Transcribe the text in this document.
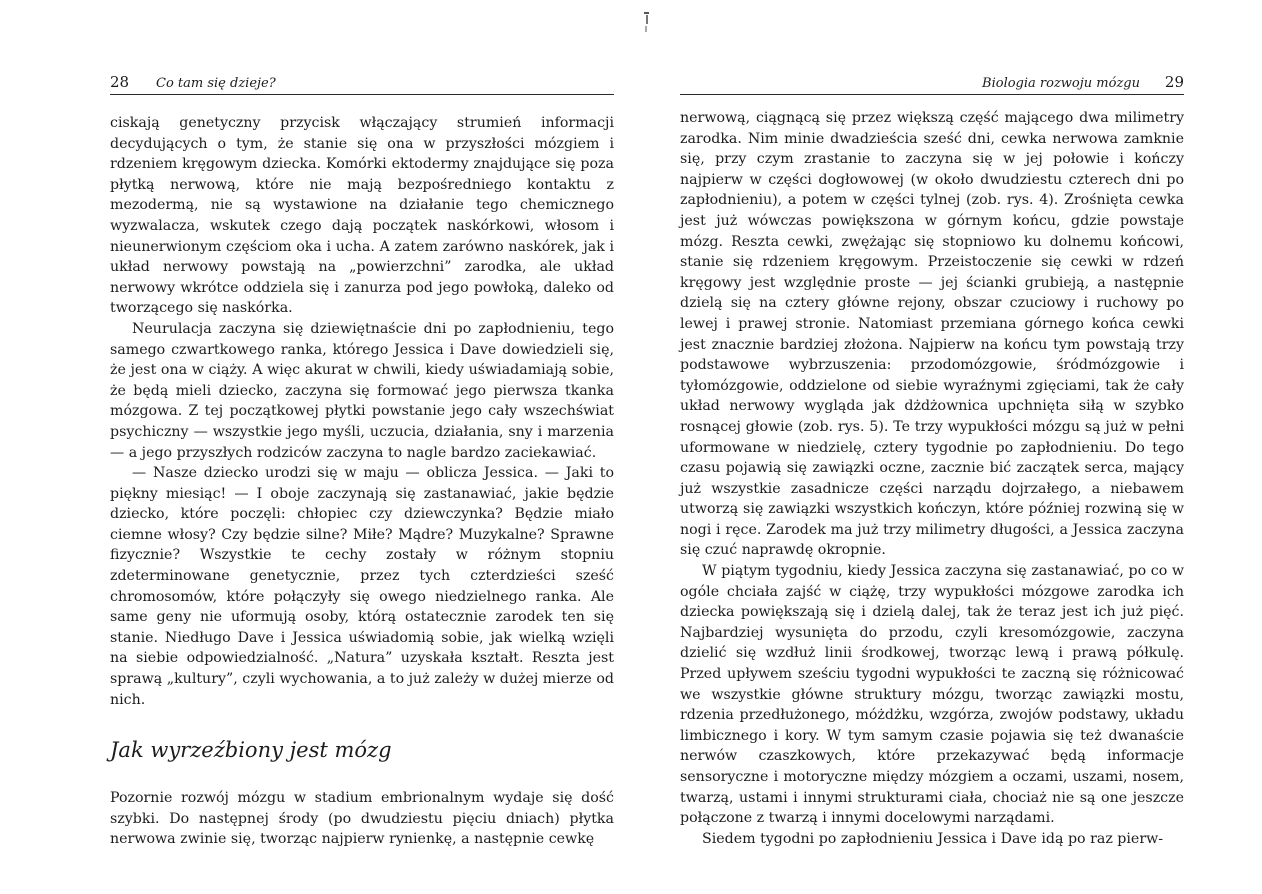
28 Co tam się dzieje?

ciskają genetyczny przycisk włączający strumień informacji decydujących o tym, że stanie się ona w przyszłości mózgiem i rdzeniem kręgowym dziecka. Komórki ektodermy znajdujące się poza płytką nerwową, które nie mają bezpośredniego kontaktu z mezodermą, nie są wystawione na działanie tego chemicznego wyzwalacza, wskutek czego dają początek naskórkowi, włosom i nieunerwionym częściom oka i ucha. A zatem zarówno naskórek, jak i układ nerwowy powstają na „powierzchni” zarodka, ale układ nerwowy wkrótce oddziela się i zanurza pod jego powłoką, daleko od tworzącego się naskórka.

Neurulacja zaczyna się dziewiętnaście dni po zapłodnieniu, tego samego czwartkowego ranka, którego Jessica i Dave dowiedzieli się, że jest ona w ciąży. A więc akurat w chwili, kiedy uświadamiają sobie, że będą mieli dziecko, zaczyna się formować jego pierwsza tkanka mózgowa. Z tej początkowej płytki powstanie jego cały wszechświat psychiczny — wszystkie jego myśli, uczucia, działania, sny i marzenia — a jego przyszłych rodziców zaczyna to nagle bardzo zaciekawiać.

— Nasze dziecko urodzi się w maju — oblicza Jessica. — Jaki to piękny miesiąc! — I oboje zaczynają się zastanawiać, jakie będzie dziecko, które poczęli: chłopiec czy dziewczynka? Będzie miało ciemne włosy? Czy będzie silne? Miłe? Mądre? Muzykalne? Sprawne fizycznie? Wszystkie te cechy zostały w różnym stopniu zdeterminowane genetycznie, przez tych czterdzieści sześć chromosomów, które połączyły się owego niedzielnego ranka. Ale same geny nie uformują osoby, którą ostatecznie zarodek ten się stanie. Niedługo Dave i Jessica uświadomią sobie, jak wielką wzięli na siebie odpowiedzialność. „Natura” uzyskała kształt. Reszta jest sprawą „kultury”, czyli wychowania, a to już zależy w dużej mierze od nich.

Jak wyrzeźbiony jest mózg

Pozornie rozwój mózgu w stadium embrionalnym wydaje się dość szybki. Do następnej środy (po dwudziestu pięciu dniach) płytka nerwowa zwinie się, tworząc najpierw rynienkę, a następnie cewkę

Biologia rozwoju mózgu 29

nerwową, ciągnącą się przez większą część mającego dwa milimetry zarodka. Nim minie dwadzieścia sześć dni, cewka nerwowa zamknie się, przy czym zrastanie to zaczyna się w jej połowie i kończy najpierw w części dogłowowej (w około dwudziestu czterech dni po zapłodnieniu), a potem w części tylnej (zob. rys. 4). Zrośnięta cewka jest już wówczas powiększona w górnym końcu, gdzie powstaje mózg. Reszta cewki, zwężając się stopniowo ku dolnemu końcowi, stanie się rdzeniem kręgowym. Przeistoczenie się cewki w rdzeń kręgowy jest względnie proste — jej ścianki grubieją, a następnie dzielą się na cztery główne rejony, obszar czuciowy i ruchowy po lewej i prawej stronie. Natomiast przemiana górnego końca cewki jest znacznie bardziej złożona. Najpierw na końcu tym powstają trzy podstawowe wybrzuszenia: przodomózgowie, śródmózgowie i tyłomózgowie, oddzielone od siebie wyraźnymi zgięciami, tak że cały układ nerwowy wygląda jak dżdżownica upchnięta siłą w szybko rosnącej głowie (zob. rys. 5). Te trzy wypukłości mózgu są już w pełni uformowane w niedzielę, cztery tygodnie po zapłodnieniu. Do tego czasu pojawią się zawiązki oczne, zacznie bić zaczątek serca, mający już wszystkie zasadnicze części narządu dojrzałego, a niebawem utworzą się zawiązki wszystkich kończyn, które później rozwiną się w nogi i ręce. Zarodek ma już trzy milimetry długości, a Jessica zaczyna się czuć naprawdę okropnie.

W piątym tygodniu, kiedy Jessica zaczyna się zastanawiać, po co w ogóle chciała zajść w ciążę, trzy wypukłości mózgowe zarodka ich dziecka powiększają się i dzielą dalej, tak że teraz jest ich już pięć. Najbardziej wysunięta do przodu, czyli kresomózgowie, zaczyna dzielić się wzdłuż linii środkowej, tworząc lewą i prawą półkulę. Przed upływem sześciu tygodni wypukłości te zaczną się różnicować we wszystkie główne struktury mózgu, tworząc zawiązki mostu, rdzenia przedłużonego, móżdżku, wzgórza, zwojów podstawy, układu limbicznego i kory. W tym samym czasie pojawia się też dwanaście nerwów czaszkowych, które przekazywać będą informacje sensoryczne i motoryczne między mózgiem a oczami, uszami, nosem, twarzą, ustami i innymi strukturami ciała, chociaż nie są one jeszcze połączone z twarzą i innymi docelowymi narządami.

Siedem tygodni po zapłodnieniu Jessica i Dave idą po raz pierw-
